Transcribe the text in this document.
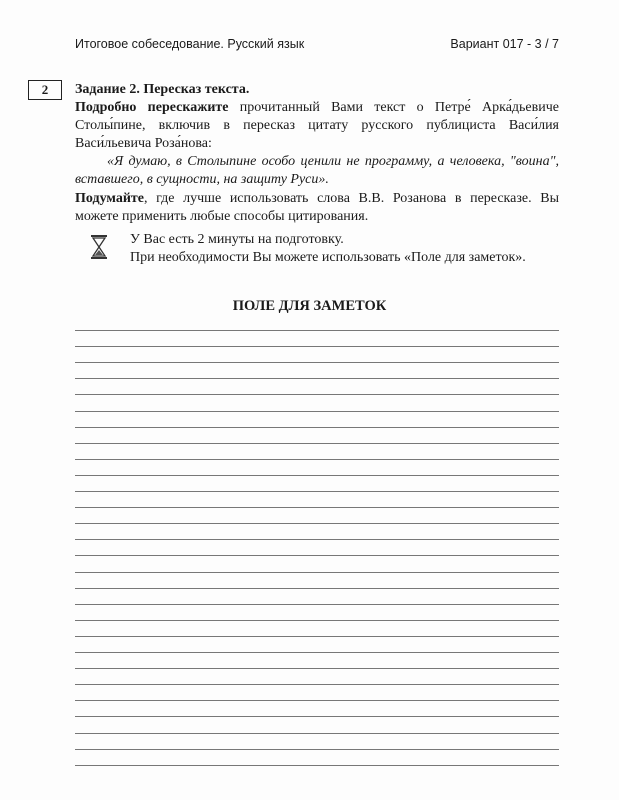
Итоговое собеседование. Русский язык	Вариант 017 - 3 / 7
2	Задание 2. Пересказ текста.
Подробно перескажите прочитанный Вами текст о Петре́ Арка́дьевиче Столы́пине, включив в пересказ цитату русского публициста Васи́лия Васи́льевича Роза́нова:
«Я думаю, в Столыпине особо ценили не программу, а человека, "воина", вставшего, в сущности, на защиту Руси».
Подумайте, где лучше использовать слова В.В. Розанова в пересказе. Вы можете применить любые способы цитирования.
У Вас есть 2 минуты на подготовку.
При необходимости Вы можете использовать «Поле для заметок».
ПОЛЕ ДЛЯ ЗАМЕТОК
